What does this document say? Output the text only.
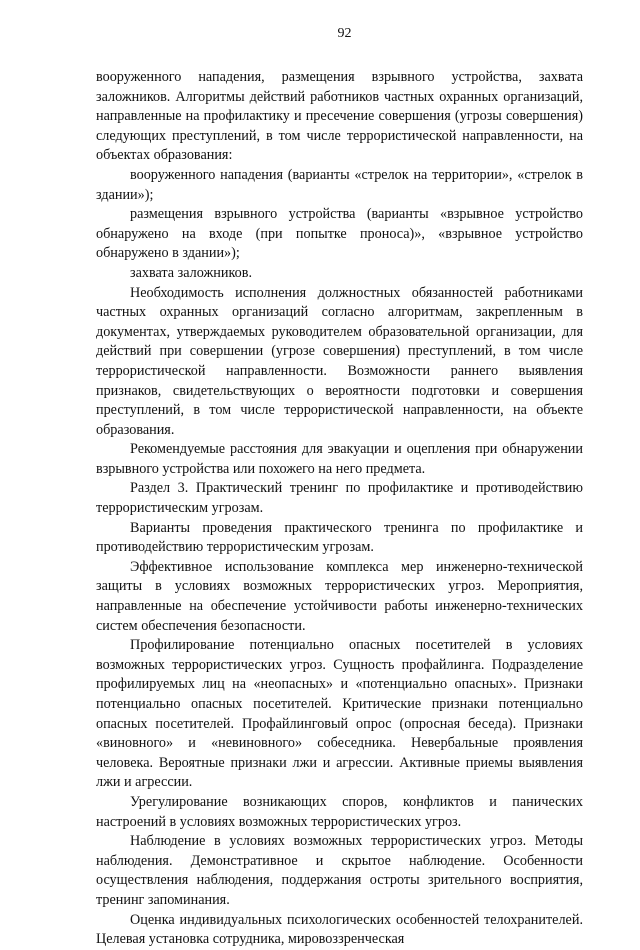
92

вооруженного нападения, размещения взрывного устройства, захвата заложников. Алгоритмы действий работников частных охранных организаций, направленные на профилактику и пресечение совершения (угрозы совершения) следующих преступлений, в том числе террористической направленности, на объектах образования:

вооруженного нападения (варианты «стрелок на территории», «стрелок в здании»);

размещения взрывного устройства (варианты «взрывное устройство обнаружено на входе (при попытке проноса)», «взрывное устройство обнаружено в здании»);

захвата заложников.

Необходимость исполнения должностных обязанностей работниками частных охранных организаций согласно алгоритмам, закрепленным в документах, утверждаемых руководителем образовательной организации, для действий при совершении (угрозе совершения) преступлений, в том числе террористической направленности. Возможности раннего выявления признаков, свидетельствующих о вероятности подготовки и совершения преступлений, в том числе террористической направленности, на объекте образования.

Рекомендуемые расстояния для эвакуации и оцепления при обнаружении взрывного устройства или похожего на него предмета.

Раздел 3. Практический тренинг по профилактике и противодействию террористическим угрозам.

Варианты проведения практического тренинга по профилактике и противодействию террористическим угрозам.

Эффективное использование комплекса мер инженерно-технической защиты в условиях возможных террористических угроз. Мероприятия, направленные на обеспечение устойчивости работы инженерно-технических систем обеспечения безопасности.

Профилирование потенциально опасных посетителей в условиях возможных террористических угроз. Сущность профайлинга. Подразделение профилируемых лиц на «неопасных» и «потенциально опасных». Признаки потенциально опасных посетителей. Критические признаки потенциально опасных посетителей. Профайлинговый опрос (опросная беседа). Признаки «виновного» и «невиновного» собеседника. Невербальные проявления человека. Вероятные признаки лжи и агрессии. Активные приемы выявления лжи и агрессии.

Урегулирование возникающих споров, конфликтов и панических настроений в условиях возможных террористических угроз.

Наблюдение в условиях возможных террористических угроз. Методы наблюдения. Демонстративное и скрытое наблюдение. Особенности осуществления наблюдения, поддержания остроты зрительного восприятия, тренинг запоминания.

Оценка индивидуальных психологических особенностей телохранителей. Целевая установка сотрудника, мировоззренческая
